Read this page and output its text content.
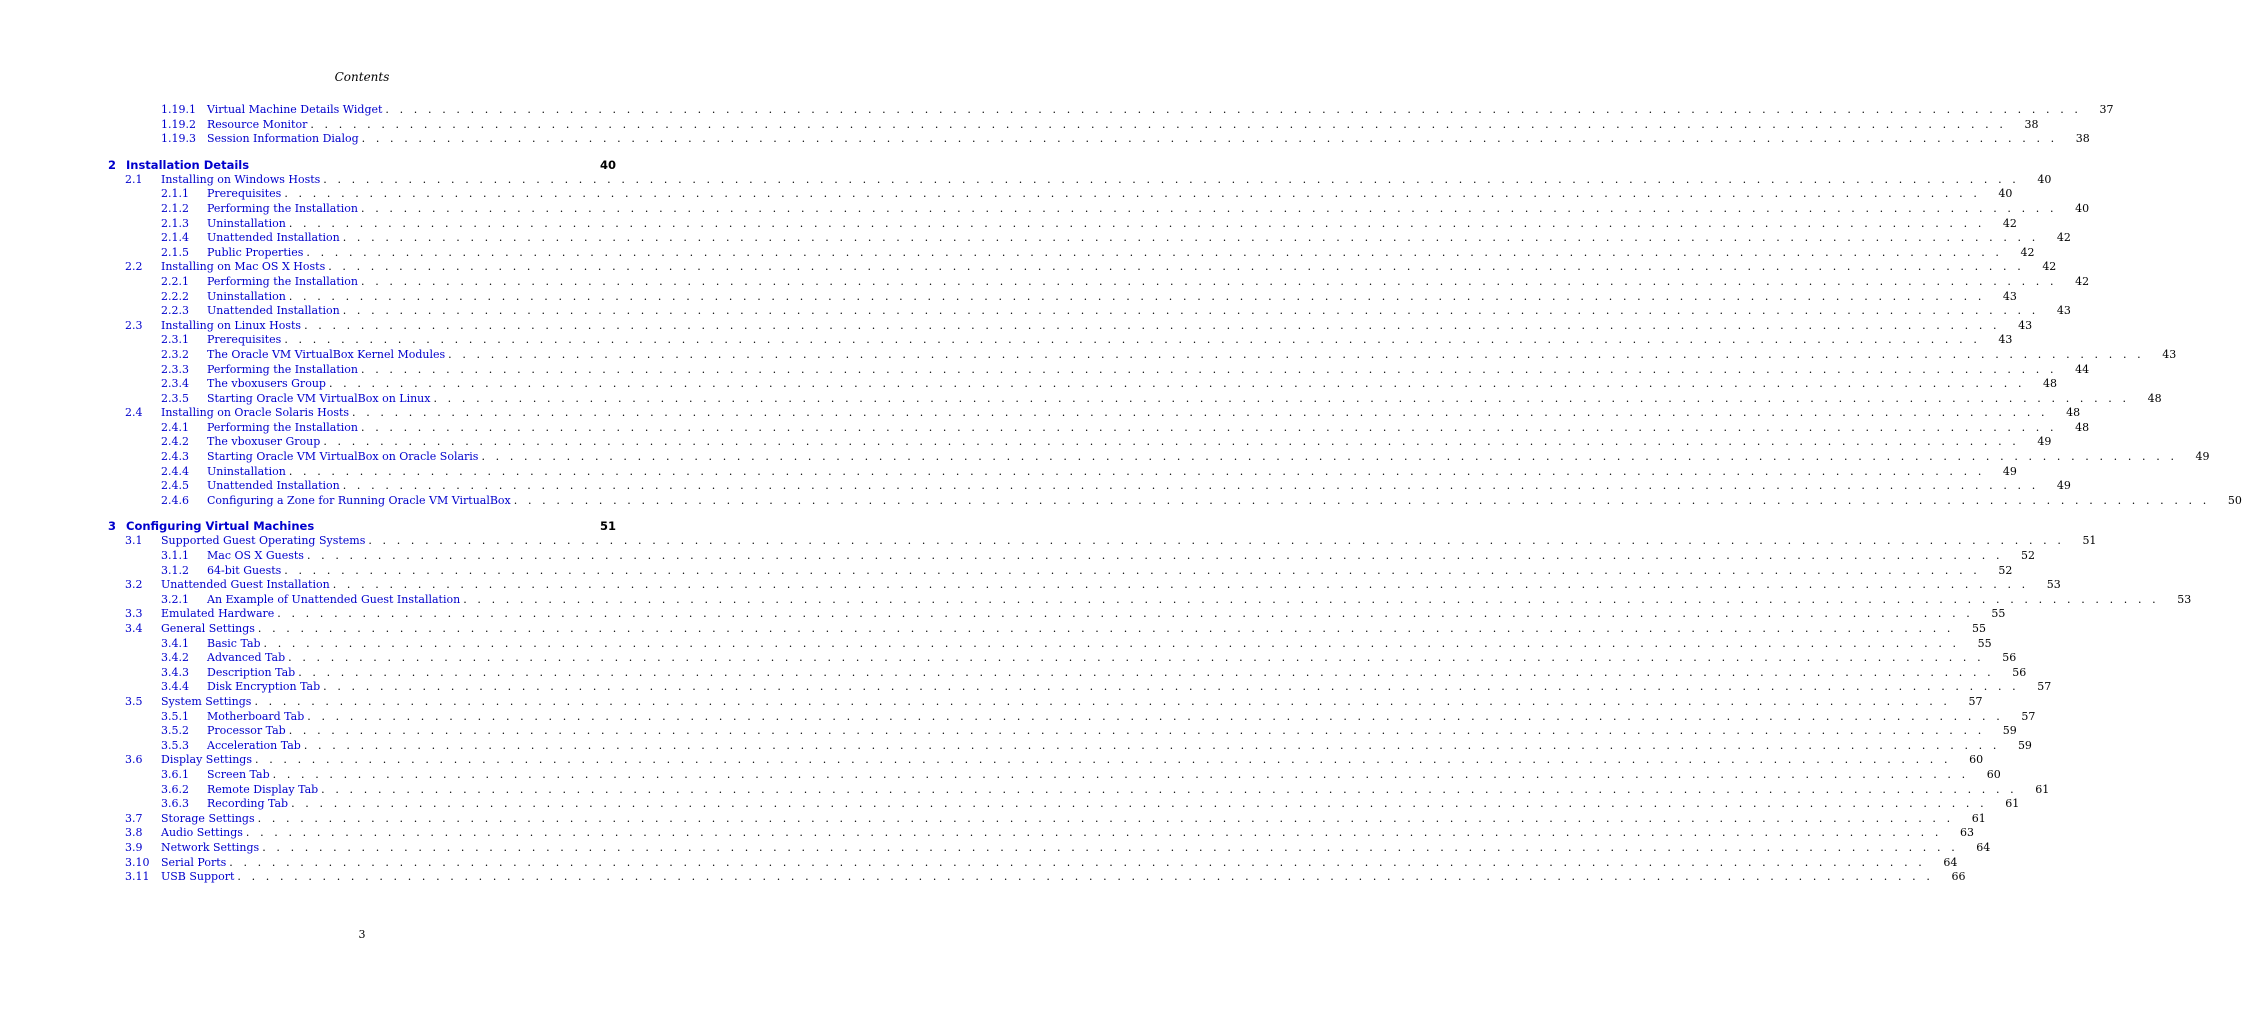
Contents
1.19.1 Virtual Machine Details Widget . . . . . . . . . . . . . . . . . . . . . . . . . . . . . . . . . . . . . . . . . . . . . . . . . . . . . . . . . . . . . . . . . . . . . . . . . . . . . . . . . . . . . . . . . . . . . . . . . . . . . . . . . . . . . . . . . . . . . . . .	37
1.19.2 Resource Monitor . . . . . . . . . . . . . . . . . . . . . . . . . . . . . . . . . . . . . . . . . . . . . . . . . . . . . . . . . . . . . . . . . . . . . . . . . . . . . . . . . . . . . . . . . . . . . . . . . . . . . . . . . . . . . . . . . . . . . . . .	38
1.19.3 Session Information Dialog . . . . . . . . . . . . . . . . . . . . . . . . . . . . . . . . . . . . . . . . . . . . . . . . . . . . . . . . . . . . . . . . . . . . . . . . . . . . . . . . . . . . . . . . . . . . . . . . . . . . . . . . . . . . . . . . . . . . . . . .	38
2 Installation Details	40
2.1 Installing on Windows Hosts . . . . . . . . . . . . . . . . . . . . . . . . . . . . . . . . . . . . . . . . . . . . . . . . . . . . . . . . . . . . . . . . . . . . . . . . . . . . . . . . . . . . . . . . . . . . . . . . . . . . . . . . . . . . . . . . . . . . . . . .	40
2.1.1 Prerequisites . . . . . . . . . . . . . . . . . . . . . . . . . . . . . . . . . . . . . . . . . . . . . . . . . . . . . . . . . . . . . . . . . . . . . . . . . . . . . . . . . . . . . . . . . . . . . . . . . . . . . . . . . . . . . . . . . . . . . . . .	40
2.1.2 Performing the Installation . . . . . . . . . . . . . . . . . . . . . . . . . . . . . . . . . . . . . . . . . . . . . . . . . . . . . . . . . . . . . . . . . . . . . . . . . . . . . . . . . . . . . . . . . . . . . . . . . . . . . . . . . . . . . . . . . . . . . . . .	40
2.1.3 Uninstallation . . . . . . . . . . . . . . . . . . . . . . . . . . . . . . . . . . . . . . . . . . . . . . . . . . . . . . . . . . . . . . . . . . . . . . . . . . . . . . . . . . . . . . . . . . . . . . . . . . . . . . . . . . . . . . . . . . . . . . . .	42
2.1.4 Unattended Installation . . . . . . . . . . . . . . . . . . . . . . . . . . . . . . . . . . . . . . . . . . . . . . . . . . . . . . . . . . . . . . . . . . . . . . . . . . . . . . . . . . . . . . . . . . . . . . . . . . . . . . . . . . . . . . . . . . . . . . . .	42
2.1.5 Public Properties . . . . . . . . . . . . . . . . . . . . . . . . . . . . . . . . . . . . . . . . . . . . . . . . . . . . . . . . . . . . . . . . . . . . . . . . . . . . . . . . . . . . . . . . . . . . . . . . . . . . . . . . . . . . . . . . . . . . . . . .	42
2.2 Installing on Mac OS X Hosts . . . . . . . . . . . . . . . . . . . . . . . . . . . . . . . . . . . . . . . . . . . . . . . . . . . . . . . . . . . . . . . . . . . . . . . . . . . . . . . . . . . . . . . . . . . . . . . . . . . . . . . . . . . . . . . . . . . . . . . .	42
2.2.1 Performing the Installation . . . . . . . . . . . . . . . . . . . . . . . . . . . . . . . . . . . . . . . . . . . . . . . . . . . . . . . . . . . . . . . . . . . . . . . . . . . . . . . . . . . . . . . . . . . . . . . . . . . . . . . . . . . . . . . . . . . . . . . .	42
2.2.2 Uninstallation . . . . . . . . . . . . . . . . . . . . . . . . . . . . . . . . . . . . . . . . . . . . . . . . . . . . . . . . . . . . . . . . . . . . . . . . . . . . . . . . . . . . . . . . . . . . . . . . . . . . . . . . . . . . . . . . . . . . . . . .	43
2.2.3 Unattended Installation . . . . . . . . . . . . . . . . . . . . . . . . . . . . . . . . . . . . . . . . . . . . . . . . . . . . . . . . . . . . . . . . . . . . . . . . . . . . . . . . . . . . . . . . . . . . . . . . . . . . . . . . . . . . . . . . . . . . . . . .	43
2.3 Installing on Linux Hosts . . . . . . . . . . . . . . . . . . . . . . . . . . . . . . . . . . . . . . . . . . . . . . . . . . . . . . . . . . . . . . . . . . . . . . . . . . . . . . . . . . . . . . . . . . . . . . . . . . . . . . . . . . . . . . . . . . . . . . . .	43
2.3.1 Prerequisites . . . . . . . . . . . . . . . . . . . . . . . . . . . . . . . . . . . . . . . . . . . . . . . . . . . . . . . . . . . . . . . . . . . . . . . . . . . . . . . . . . . . . . . . . . . . . . . . . . . . . . . . . . . . . . . . . . . . . . . .	43
2.3.2 The Oracle VM VirtualBox Kernel Modules . . . . . . . . . . . . . . . . . . . . . . . . . . . . . . . . . . . . . . . . . . . . . . . . . . . . . . . . . . . . . . . . . . . . . . . . . . . . . . . . . . . . . . . . . . . . . . . . . . . . . . . . . . . . . . . . . . . . . . . .	43
2.3.3 Performing the Installation . . . . . . . . . . . . . . . . . . . . . . . . . . . . . . . . . . . . . . . . . . . . . . . . . . . . . . . . . . . . . . . . . . . . . . . . . . . . . . . . . . . . . . . . . . . . . . . . . . . . . . . . . . . . . . . . . . . . . . . .	44
2.3.4 The vboxusers Group . . . . . . . . . . . . . . . . . . . . . . . . . . . . . . . . . . . . . . . . . . . . . . . . . . . . . . . . . . . . . . . . . . . . . . . . . . . . . . . . . . . . . . . . . . . . . . . . . . . . . . . . . . . . . . . . . . . . . . . .	48
2.3.5 Starting Oracle VM VirtualBox on Linux . . . . . . . . . . . . . . . . . . . . . . . . . . . . . . . . . . . . . . . . . . . . . . . . . . . . . . . . . . . . . . . . . . . . . . . . . . . . . . . . . . . . . . . . . . . . . . . . . . . . . . . . . . . . . . . . . . . . . . . .	48
2.4 Installing on Oracle Solaris Hosts . . . . . . . . . . . . . . . . . . . . . . . . . . . . . . . . . . . . . . . . . . . . . . . . . . . . . . . . . . . . . . . . . . . . . . . . . . . . . . . . . . . . . . . . . . . . . . . . . . . . . . . . . . . . . . . . . . . . . . . .	48
2.4.1 Performing the Installation . . . . . . . . . . . . . . . . . . . . . . . . . . . . . . . . . . . . . . . . . . . . . . . . . . . . . . . . . . . . . . . . . . . . . . . . . . . . . . . . . . . . . . . . . . . . . . . . . . . . . . . . . . . . . . . . . . . . . . . .	48
2.4.2 The vboxuser Group . . . . . . . . . . . . . . . . . . . . . . . . . . . . . . . . . . . . . . . . . . . . . . . . . . . . . . . . . . . . . . . . . . . . . . . . . . . . . . . . . . . . . . . . . . . . . . . . . . . . . . . . . . . . . . . . . . . . . . . .	49
2.4.3 Starting Oracle VM VirtualBox on Oracle Solaris . . . . . . . . . . . . . . . . . . . . . . . . . . . . . . . . . . . . . . . . . . . . . . . . . . . . . . . . . . . . . . . . . . . . . . . . . . . . . . . . . . . . . . . . . . . . . . . . . . . . . . . . . . . . . . . . . . . . . . . .	49
2.4.4 Uninstallation . . . . . . . . . . . . . . . . . . . . . . . . . . . . . . . . . . . . . . . . . . . . . . . . . . . . . . . . . . . . . . . . . . . . . . . . . . . . . . . . . . . . . . . . . . . . . . . . . . . . . . . . . . . . . . . . . . . . . . . .	49
2.4.5 Unattended Installation . . . . . . . . . . . . . . . . . . . . . . . . . . . . . . . . . . . . . . . . . . . . . . . . . . . . . . . . . . . . . . . . . . . . . . . . . . . . . . . . . . . . . . . . . . . . . . . . . . . . . . . . . . . . . . . . . . . . . . . .	49
2.4.6 Configuring a Zone for Running Oracle VM VirtualBox . . . . . . . . . . . . . . . . . . . . . . . . . . . . . . . . . . . . . . . . . . . . . . . . . . . . . . . . . . . . . . . . . . . . . . . . . . . . . . . . . . . . . . . . . . . . . . . . . . . . . . . . . . . . . . . . . . . . . . . .	50
3 Configuring Virtual Machines	51
3.1 Supported Guest Operating Systems . . . . . . . . . . . . . . . . . . . . . . . . . . . . . . . . . . . . . . . . . . . . . . . . . . . . . . . . . . . . . . . . . . . . . . . . . . . . . . . . . . . . . . . . . . . . . . . . . . . . . . . . . . . . . . . . . . . . . . . .	51
3.1.1 Mac OS X Guests . . . . . . . . . . . . . . . . . . . . . . . . . . . . . . . . . . . . . . . . . . . . . . . . . . . . . . . . . . . . . . . . . . . . . . . . . . . . . . . . . . . . . . . . . . . . . . . . . . . . . . . . . . . . . . . . . . . . . . . .	52
3.1.2 64-bit Guests . . . . . . . . . . . . . . . . . . . . . . . . . . . . . . . . . . . . . . . . . . . . . . . . . . . . . . . . . . . . . . . . . . . . . . . . . . . . . . . . . . . . . . . . . . . . . . . . . . . . . . . . . . . . . . . . . . . . . . . .	52
3.2 Unattended Guest Installation . . . . . . . . . . . . . . . . . . . . . . . . . . . . . . . . . . . . . . . . . . . . . . . . . . . . . . . . . . . . . . . . . . . . . . . . . . . . . . . . . . . . . . . . . . . . . . . . . . . . . . . . . . . . . . . . . . . . . . . .	53
3.2.1 An Example of Unattended Guest Installation . . . . . . . . . . . . . . . . . . . . . . . . . . . . . . . . . . . . . . . . . . . . . . . . . . . . . . . . . . . . . . . . . . . . . . . . . . . . . . . . . . . . . . . . . . . . . . . . . . . . . . . . . . . . . . . . . . . . . . . .	53
3.3 Emulated Hardware . . . . . . . . . . . . . . . . . . . . . . . . . . . . . . . . . . . . . . . . . . . . . . . . . . . . . . . . . . . . . . . . . . . . . . . . . . . . . . . . . . . . . . . . . . . . . . . . . . . . . . . . . . . . . . . . . . . . . . . .	55
3.4 General Settings . . . . . . . . . . . . . . . . . . . . . . . . . . . . . . . . . . . . . . . . . . . . . . . . . . . . . . . . . . . . . . . . . . . . . . . . . . . . . . . . . . . . . . . . . . . . . . . . . . . . . . . . . . . . . . . . . . . . . . . .	55
3.4.1 Basic Tab . . . . . . . . . . . . . . . . . . . . . . . . . . . . . . . . . . . . . . . . . . . . . . . . . . . . . . . . . . . . . . . . . . . . . . . . . . . . . . . . . . . . . . . . . . . . . . . . . . . . . . . . . . . . . . . . . . . . . . . .	55
3.4.2 Advanced Tab . . . . . . . . . . . . . . . . . . . . . . . . . . . . . . . . . . . . . . . . . . . . . . . . . . . . . . . . . . . . . . . . . . . . . . . . . . . . . . . . . . . . . . . . . . . . . . . . . . . . . . . . . . . . . . . . . . . . . . . .	56
3.4.3 Description Tab . . . . . . . . . . . . . . . . . . . . . . . . . . . . . . . . . . . . . . . . . . . . . . . . . . . . . . . . . . . . . . . . . . . . . . . . . . . . . . . . . . . . . . . . . . . . . . . . . . . . . . . . . . . . . . . . . . . . . . . .	56
3.4.4 Disk Encryption Tab . . . . . . . . . . . . . . . . . . . . . . . . . . . . . . . . . . . . . . . . . . . . . . . . . . . . . . . . . . . . . . . . . . . . . . . . . . . . . . . . . . . . . . . . . . . . . . . . . . . . . . . . . . . . . . . . . . . . . . . .	57
3.5 System Settings . . . . . . . . . . . . . . . . . . . . . . . . . . . . . . . . . . . . . . . . . . . . . . . . . . . . . . . . . . . . . . . . . . . . . . . . . . . . . . . . . . . . . . . . . . . . . . . . . . . . . . . . . . . . . . . . . . . . . . . .	57
3.5.1 Motherboard Tab . . . . . . . . . . . . . . . . . . . . . . . . . . . . . . . . . . . . . . . . . . . . . . . . . . . . . . . . . . . . . . . . . . . . . . . . . . . . . . . . . . . . . . . . . . . . . . . . . . . . . . . . . . . . . . . . . . . . . . . .	57
3.5.2 Processor Tab . . . . . . . . . . . . . . . . . . . . . . . . . . . . . . . . . . . . . . . . . . . . . . . . . . . . . . . . . . . . . . . . . . . . . . . . . . . . . . . . . . . . . . . . . . . . . . . . . . . . . . . . . . . . . . . . . . . . . . . .	59
3.5.3 Acceleration Tab . . . . . . . . . . . . . . . . . . . . . . . . . . . . . . . . . . . . . . . . . . . . . . . . . . . . . . . . . . . . . . . . . . . . . . . . . . . . . . . . . . . . . . . . . . . . . . . . . . . . . . . . . . . . . . . . . . . . . . . .	59
3.6 Display Settings . . . . . . . . . . . . . . . . . . . . . . . . . . . . . . . . . . . . . . . . . . . . . . . . . . . . . . . . . . . . . . . . . . . . . . . . . . . . . . . . . . . . . . . . . . . . . . . . . . . . . . . . . . . . . . . . . . . . . . . .	60
3.6.1 Screen Tab . . . . . . . . . . . . . . . . . . . . . . . . . . . . . . . . . . . . . . . . . . . . . . . . . . . . . . . . . . . . . . . . . . . . . . . . . . . . . . . . . . . . . . . . . . . . . . . . . . . . . . . . . . . . . . . . . . . . . . . .	60
3.6.2 Remote Display Tab . . . . . . . . . . . . . . . . . . . . . . . . . . . . . . . . . . . . . . . . . . . . . . . . . . . . . . . . . . . . . . . . . . . . . . . . . . . . . . . . . . . . . . . . . . . . . . . . . . . . . . . . . . . . . . . . . . . . . . . .	61
3.6.3 Recording Tab . . . . . . . . . . . . . . . . . . . . . . . . . . . . . . . . . . . . . . . . . . . . . . . . . . . . . . . . . . . . . . . . . . . . . . . . . . . . . . . . . . . . . . . . . . . . . . . . . . . . . . . . . . . . . . . . . . . . . . . .	61
3.7 Storage Settings . . . . . . . . . . . . . . . . . . . . . . . . . . . . . . . . . . . . . . . . . . . . . . . . . . . . . . . . . . . . . . . . . . . . . . . . . . . . . . . . . . . . . . . . . . . . . . . . . . . . . . . . . . . . . . . . . . . . . . . .	61
3.8 Audio Settings . . . . . . . . . . . . . . . . . . . . . . . . . . . . . . . . . . . . . . . . . . . . . . . . . . . . . . . . . . . . . . . . . . . . . . . . . . . . . . . . . . . . . . . . . . . . . . . . . . . . . . . . . . . . . . . . . . . . . . . .	63
3.9 Network Settings . . . . . . . . . . . . . . . . . . . . . . . . . . . . . . . . . . . . . . . . . . . . . . . . . . . . . . . . . . . . . . . . . . . . . . . . . . . . . . . . . . . . . . . . . . . . . . . . . . . . . . . . . . . . . . . . . . . . . . . .	64
3.10 Serial Ports . . . . . . . . . . . . . . . . . . . . . . . . . . . . . . . . . . . . . . . . . . . . . . . . . . . . . . . . . . . . . . . . . . . . . . . . . . . . . . . . . . . . . . . . . . . . . . . . . . . . . . . . . . . . . . . . . . . . . . . .	64
3.11 USB Support . . . . . . . . . . . . . . . . . . . . . . . . . . . . . . . . . . . . . . . . . . . . . . . . . . . . . . . . . . . . . . . . . . . . . . . . . . . . . . . . . . . . . . . . . . . . . . . . . . . . . . . . . . . . . . . . . . . . . . . .	66
3
